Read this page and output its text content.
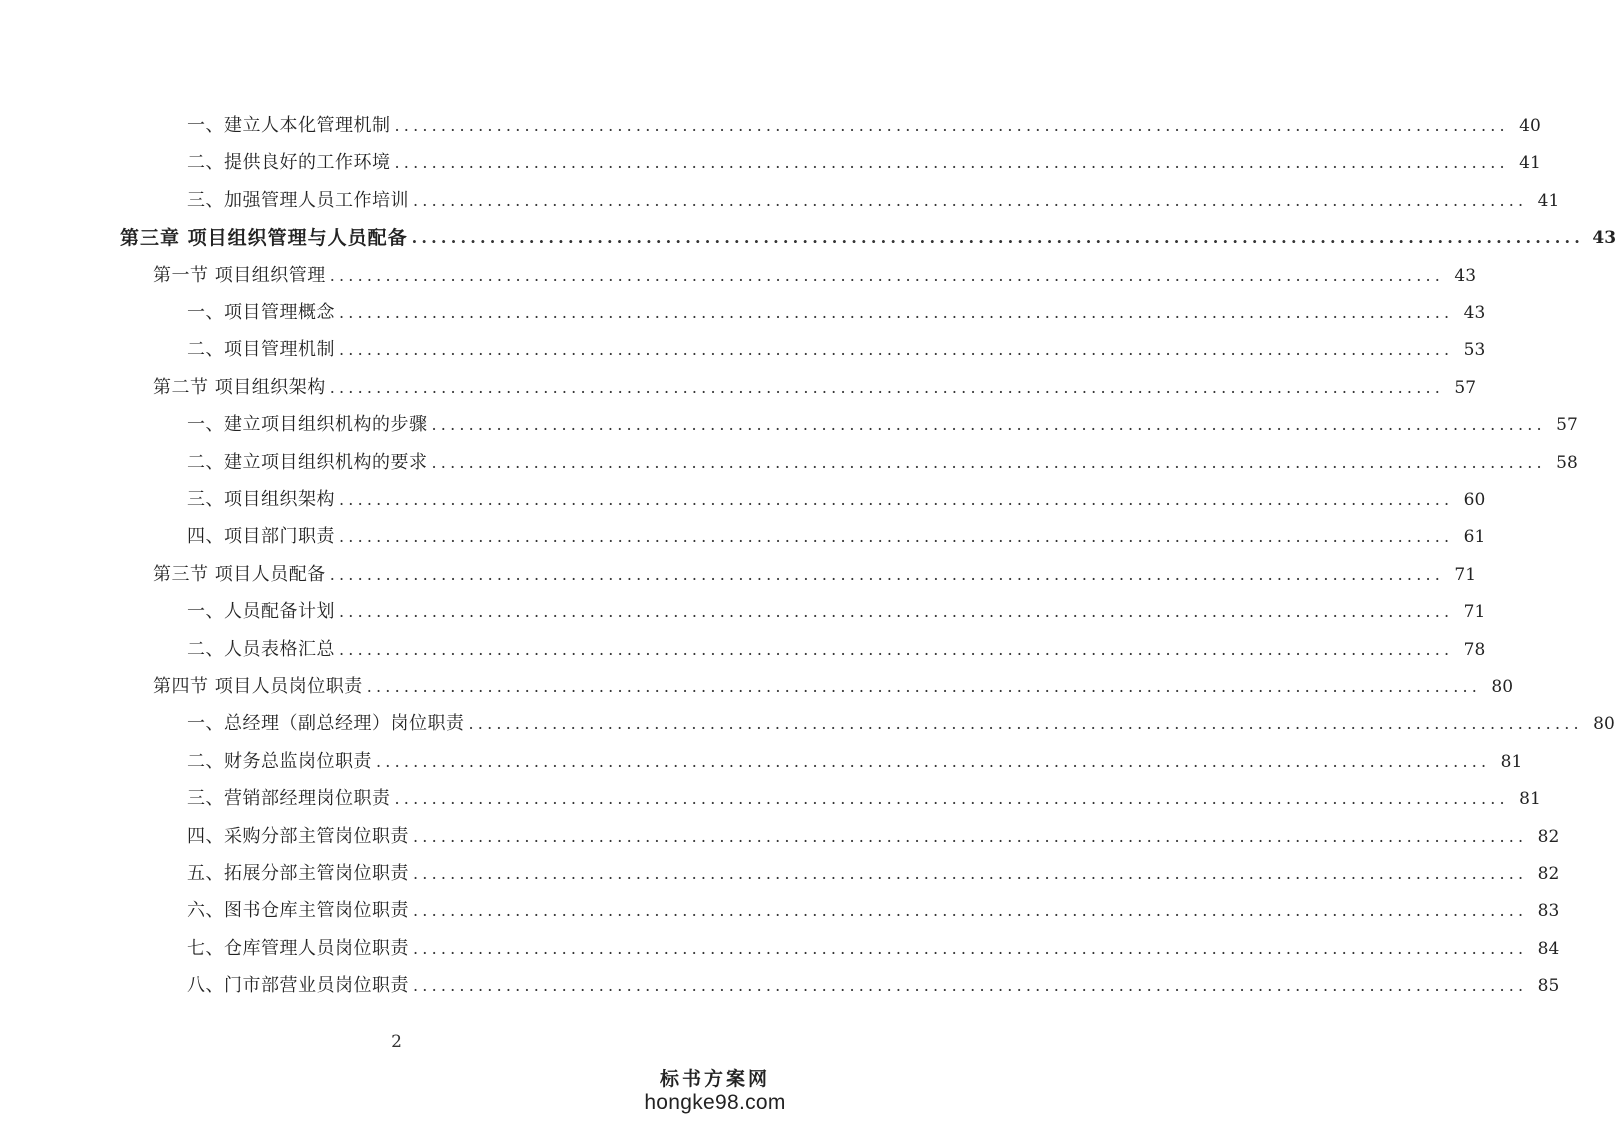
一、建立人本化管理机制 ........................................................................................................................ 40
二、提供良好的工作环境 ........................................................................................................................ 41
三、加强管理人员工作培训 ........................................................................................................................ 41
第三章 项目组织管理与人员配备 ........................................................................................................................ 43
第一节 项目组织管理 ........................................................................................................................ 43
一、项目管理概念 ........................................................................................................................ 43
二、项目管理机制 ........................................................................................................................ 53
第二节 项目组织架构 ........................................................................................................................ 57
一、建立项目组织机构的步骤 ........................................................................................................................ 57
二、建立项目组织机构的要求 ........................................................................................................................ 58
三、项目组织架构 ........................................................................................................................ 60
四、项目部门职责 ........................................................................................................................ 61
第三节 项目人员配备 ........................................................................................................................ 71
一、人员配备计划 ........................................................................................................................ 71
二、人员表格汇总 ........................................................................................................................ 78
第四节 项目人员岗位职责 ........................................................................................................................ 80
一、总经理（副总经理）岗位职责 ........................................................................................................................ 80
二、财务总监岗位职责 ........................................................................................................................ 81
三、营销部经理岗位职责 ........................................................................................................................ 81
四、采购分部主管岗位职责 ........................................................................................................................ 82
五、拓展分部主管岗位职责 ........................................................................................................................ 82
六、图书仓库主管岗位职责 ........................................................................................................................ 83
七、仓库管理人员岗位职责 ........................................................................................................................ 84
八、门市部营业员岗位职责 ........................................................................................................................ 85
2
标书方案网
hongke98.com
